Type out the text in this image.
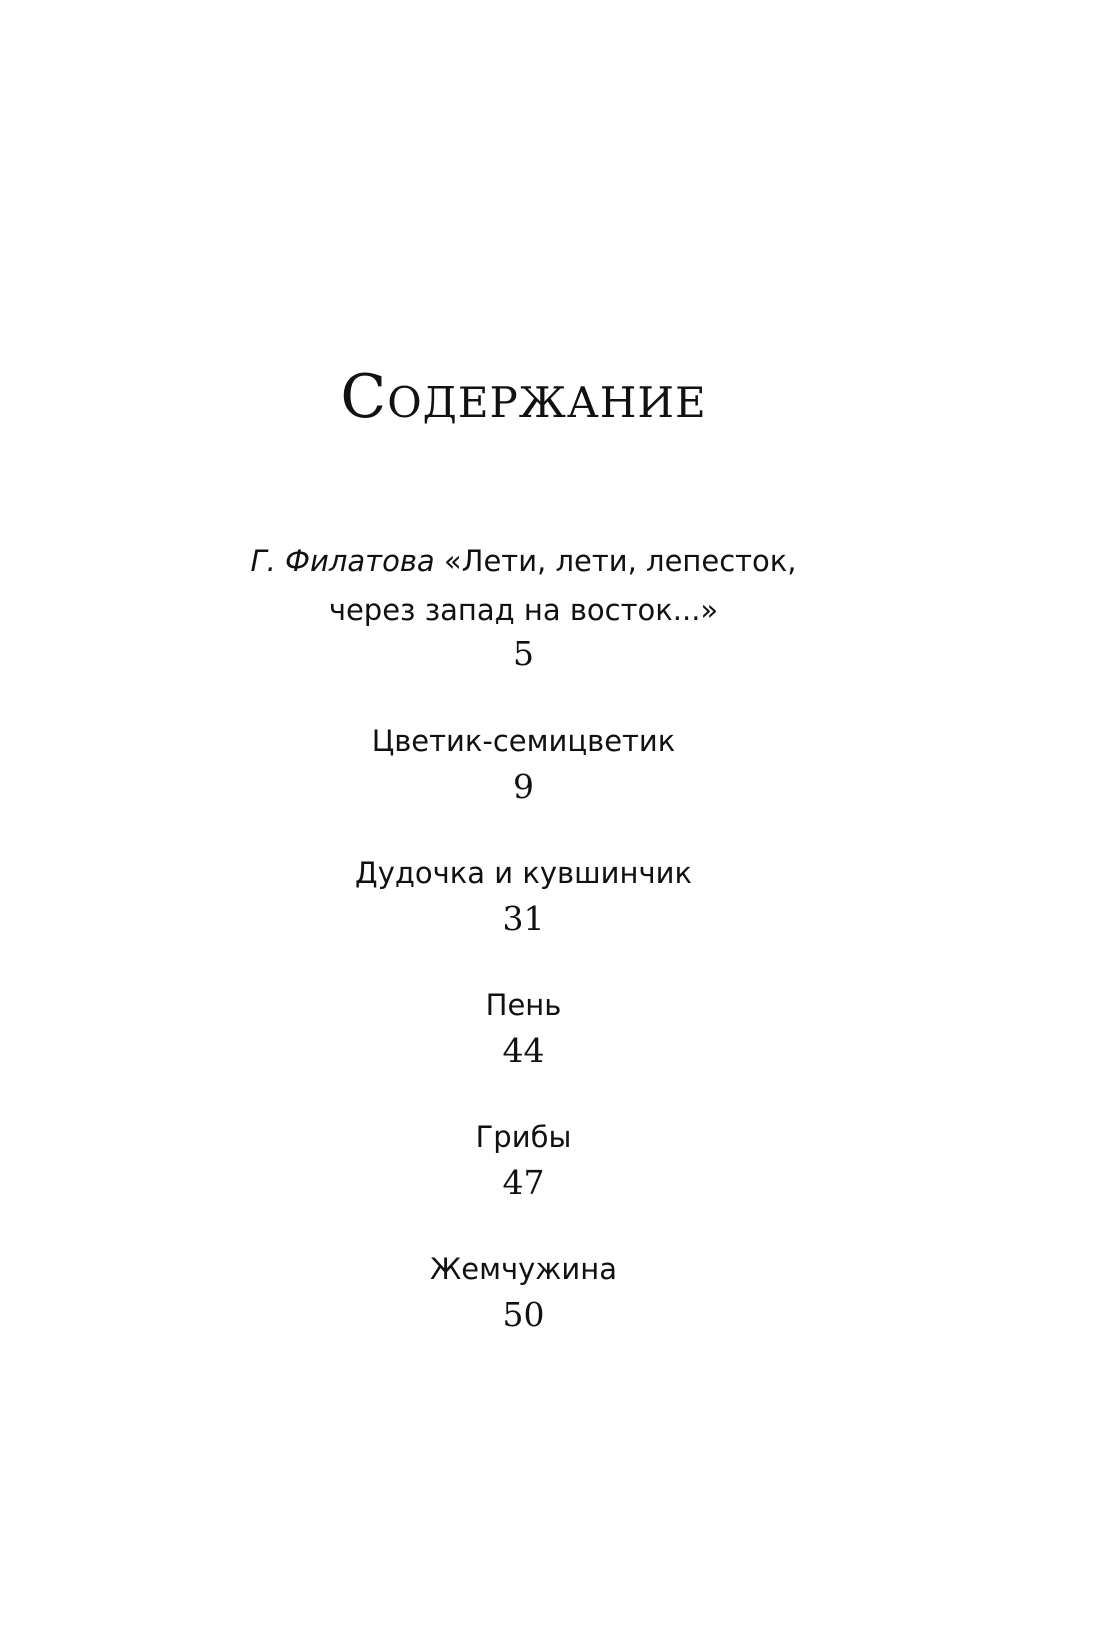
Содержание
Г. Филатова «Лети, лети, лепесток,
через запад на восток...»
5
Цветик-семицветик
9
Дудочка и кувшинчик
31
Пень
44
Грибы
47
Жемчужина
50
